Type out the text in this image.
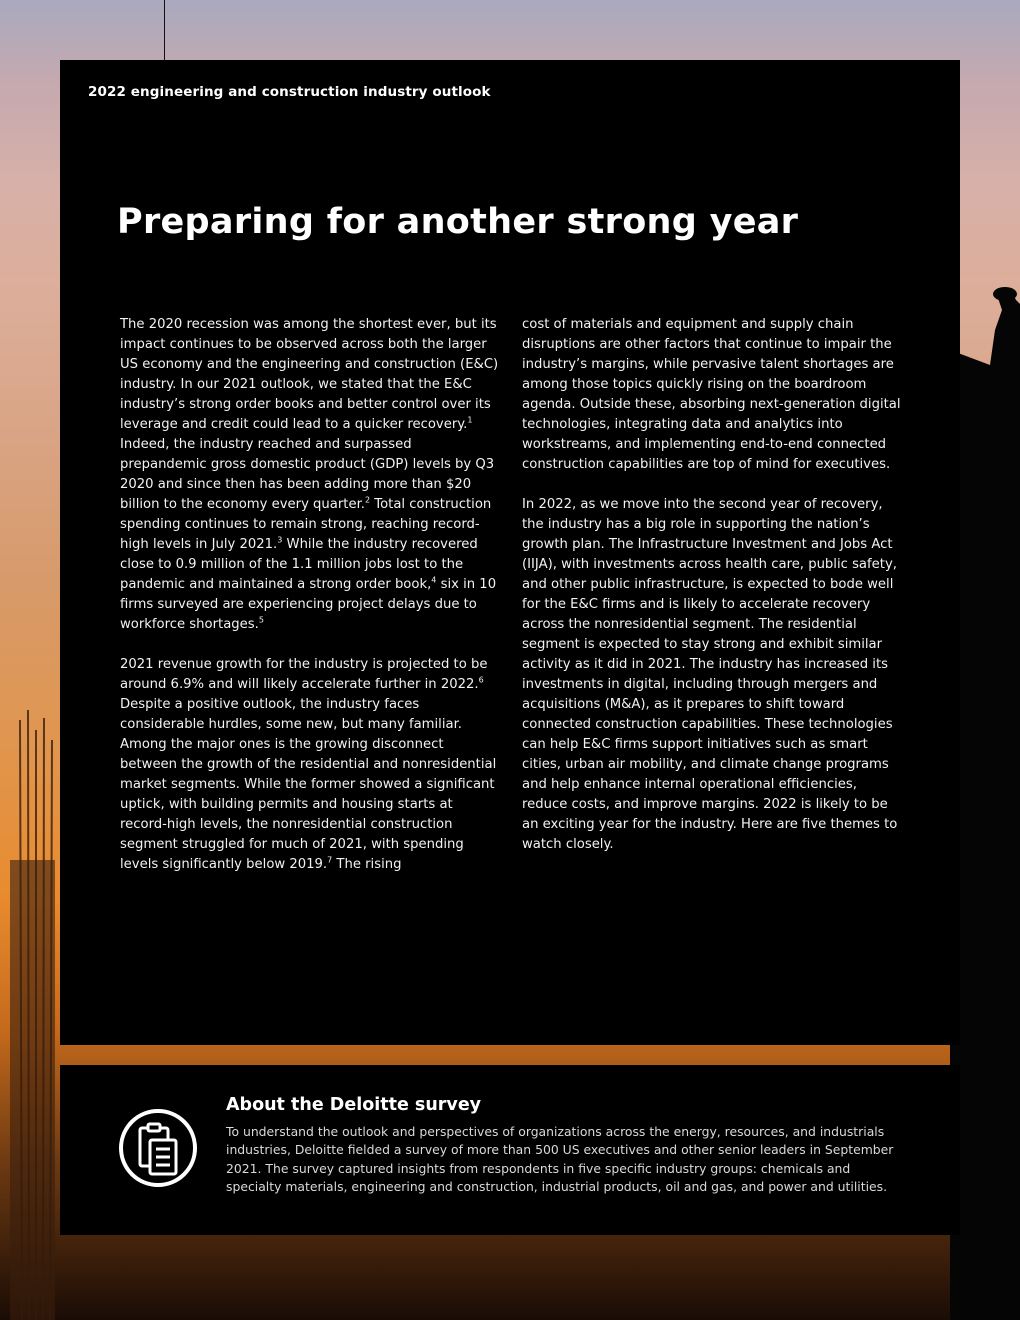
2022 engineering and construction industry outlook
Preparing for another strong year

The 2020 recession was among the shortest ever, but its impact continues to be observed across both the larger US economy and the engineering and construction (E&C) industry. In our 2021 outlook, we stated that the E&C industry’s strong order books and better control over its leverage and credit could lead to a quicker recovery.$^1$ Indeed, the industry reached and surpassed prepandemic gross domestic product (GDP) levels by Q3 2020 and since then has been adding more than $20 billion to the economy every quarter.$^2$ Total construction spending continues to remain strong, reaching record-high levels in July 2021.$^3$ While the industry recovered close to 0.9 million of the 1.1 million jobs lost to the pandemic and maintained a strong order book,$^4$ six in 10 firms surveyed are experiencing project delays due to workforce shortages.$^5$

2021 revenue growth for the industry is projected to be around 6.9% and will likely accelerate further in 2022.$^6$ Despite a positive outlook, the industry faces considerable hurdles, some new, but many familiar. Among the major ones is the growing disconnect between the growth of the residential and nonresidential market segments. While the former showed a significant uptick, with building permits and housing starts at record-high levels, the nonresidential construction segment struggled for much of 2021, with spending levels significantly below 2019.$^7$ The rising

cost of materials and equipment and supply chain disruptions are other factors that continue to impair the industry’s margins, while pervasive talent shortages are among those topics quickly rising on the boardroom agenda. Outside these, absorbing next-generation digital technologies, integrating data and analytics into workstreams, and implementing end-to-end connected construction capabilities are top of mind for executives.

In 2022, as we move into the second year of recovery, the industry has a big role in supporting the nation’s growth plan. The Infrastructure Investment and Jobs Act (IIJA), with investments across health care, public safety, and other public infrastructure, is expected to bode well for the E&C firms and is likely to accelerate recovery across the nonresidential segment. The residential segment is expected to stay strong and exhibit similar activity as it did in 2021. The industry has increased its investments in digital, including through mergers and acquisitions (M&A), as it prepares to shift toward connected construction capabilities. These technologies can help E&C firms support initiatives such as smart cities, urban air mobility, and climate change programs and help enhance internal operational efficiencies, reduce costs, and improve margins. 2022 is likely to be an exciting year for the industry. Here are five themes to watch closely.

About the Deloitte survey

To understand the outlook and perspectives of organizations across the energy, resources, and industrials industries, Deloitte fielded a survey of more than 500 US executives and other senior leaders in September 2021. The survey captured insights from respondents in five specific industry groups: chemicals and specialty materials, engineering and construction, industrial products, oil and gas, and power and utilities.
